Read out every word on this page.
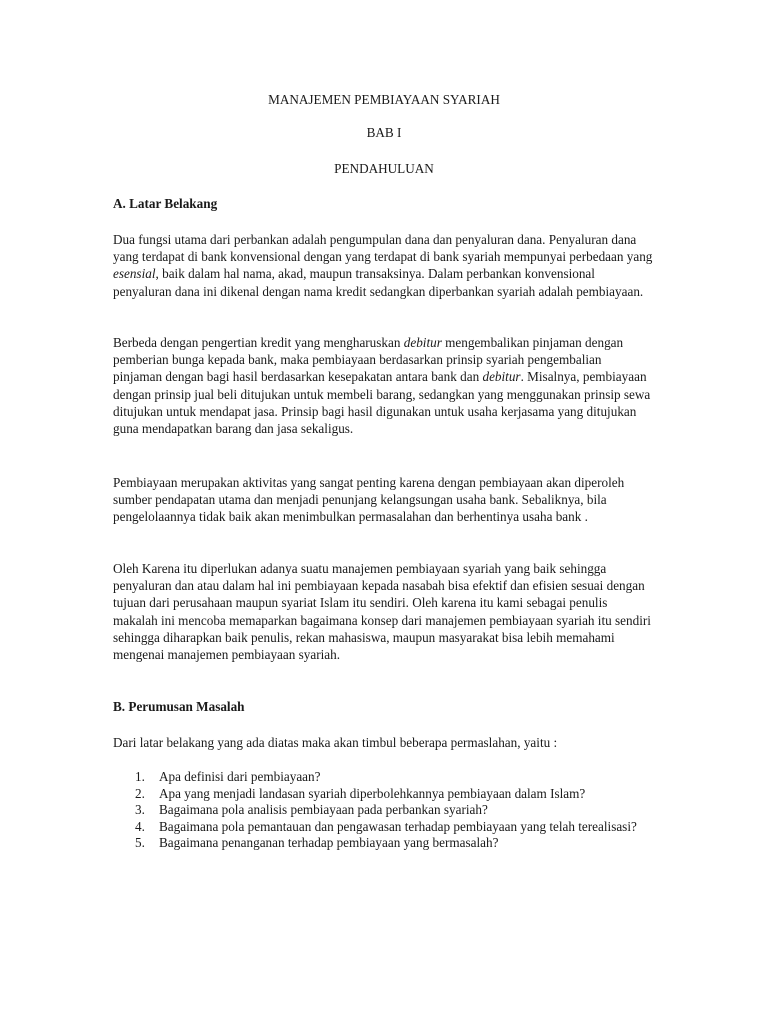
MANAJEMEN PEMBIAYAAN SYARIAH
BAB I
PENDAHULUAN
A. Latar Belakang

Dua fungsi utama dari perbankan adalah pengumpulan dana dan penyaluran dana. Penyaluran dana yang terdapat di bank konvensional dengan yang terdapat di bank syariah mempunyai perbedaan yang esensial, baik dalam hal nama, akad, maupun transaksinya. Dalam perbankan konvensional penyaluran dana ini dikenal dengan nama kredit sedangkan diperbankan syariah adalah pembiayaan.

Berbeda dengan pengertian kredit yang mengharuskan debitur mengembalikan pinjaman dengan pemberian bunga kepada bank, maka pembiayaan berdasarkan prinsip syariah pengembalian pinjaman dengan bagi hasil berdasarkan kesepakatan antara bank dan debitur. Misalnya, pembiayaan dengan prinsip jual beli ditujukan untuk membeli barang, sedangkan yang menggunakan prinsip sewa ditujukan untuk mendapat jasa. Prinsip bagi hasil digunakan untuk usaha kerjasama yang ditujukan guna mendapatkan barang dan jasa sekaligus.

Pembiayaan merupakan aktivitas yang sangat penting karena dengan pembiayaan akan diperoleh sumber pendapatan utama dan menjadi penunjang kelangsungan usaha bank. Sebaliknya, bila pengelolaannya tidak baik akan menimbulkan permasalahan dan berhentinya usaha bank .

Oleh Karena itu diperlukan adanya suatu manajemen pembiayaan syariah yang baik sehingga penyaluran dan atau dalam hal ini pembiayaan kepada nasabah bisa efektif dan efisien sesuai dengan tujuan dari perusahaan maupun syariat Islam itu sendiri. Oleh karena itu kami sebagai penulis makalah ini mencoba memaparkan bagaimana konsep dari manajemen pembiayaan syariah itu sendiri sehingga diharapkan baik penulis, rekan mahasiswa, maupun masyarakat bisa lebih memahami mengenai manajemen pembiayaan syariah.

B. Perumusan Masalah
Dari latar belakang yang ada diatas maka akan timbul beberapa permaslahan, yaitu :
1. Apa definisi dari pembiayaan?
2. Apa yang menjadi landasan syariah diperbolehkannya pembiayaan dalam Islam?
3. Bagaimana pola analisis pembiayaan pada perbankan syariah?
4. Bagaimana pola pemantauan dan pengawasan terhadap pembiayaan yang telah terealisasi?
5. Bagaimana penanganan terhadap pembiayaan yang bermasalah?
